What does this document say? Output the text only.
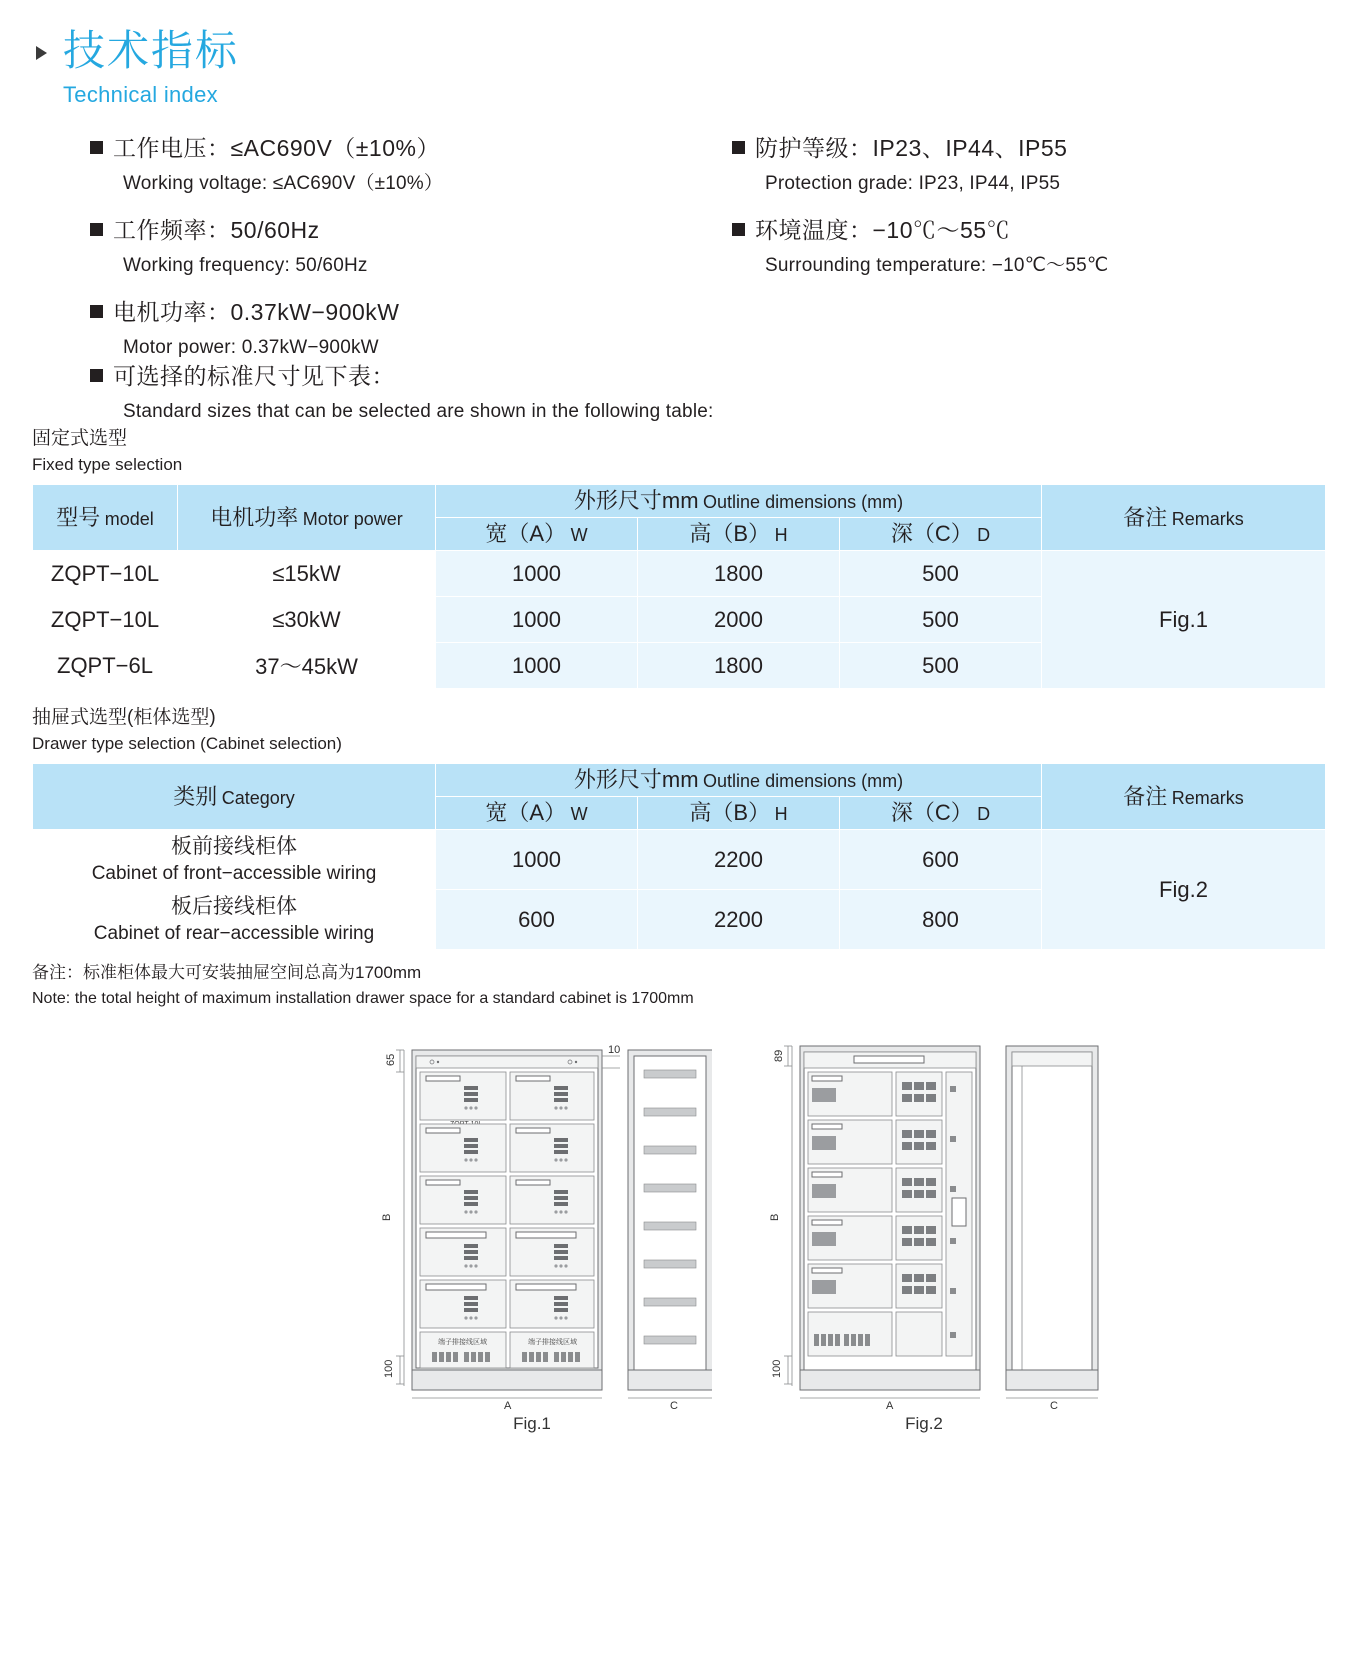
技术指标
Technical index
工作电压：≤AC690V（±10%）
Working voltage: ≤AC690V（±10%）
工作频率：50/60Hz
Working frequency: 50/60Hz
电机功率：0.37kW−900kW
Motor power: 0.37kW−900kW
防护等级：IP23、IP44、IP55
Protection grade: IP23, IP44, IP55
环境温度：−10℃～55℃
Surrounding temperature: −10℃～55℃
可选择的标准尺寸见下表：
Standard sizes that can be selected are shown in the following table:
固定式选型
Fixed type selection
型号 model	电机功率 Motor power	外形尺寸mm Outline dimensions (mm)			备注 Remarks
		宽（A） W	高（B） H	深（C） D	
ZQPT−10L	≤15kW	1000	1800	500	Fig.1
ZQPT−10L	≤30kW	1000	2000	500	
ZQPT−6L	37～45kW	1000	1800	500	
抽屉式选型(柜体选型)
Drawer type selection (Cabinet selection)
类别 Category	外形尺寸mm Outline dimensions (mm)			备注 Remarks
	宽（A） W	高（B） H	深（C） D	

板前接线柜体
Cabinet of front−accessible wiring	1000	2200	600	Fig.2

板后接线柜体
Cabinet of rear−accessible wiring	600	2200	800	
备注：标准柜体最大可安装抽屉空间总高为1700mm
Note: the total height of maximum installation drawer space for a standard cabinet is 1700mm
65
100
B
10
端子排接线区域	端子排接线区域
A	C
Fig.1
89
100
B
A	C
Fig.2
